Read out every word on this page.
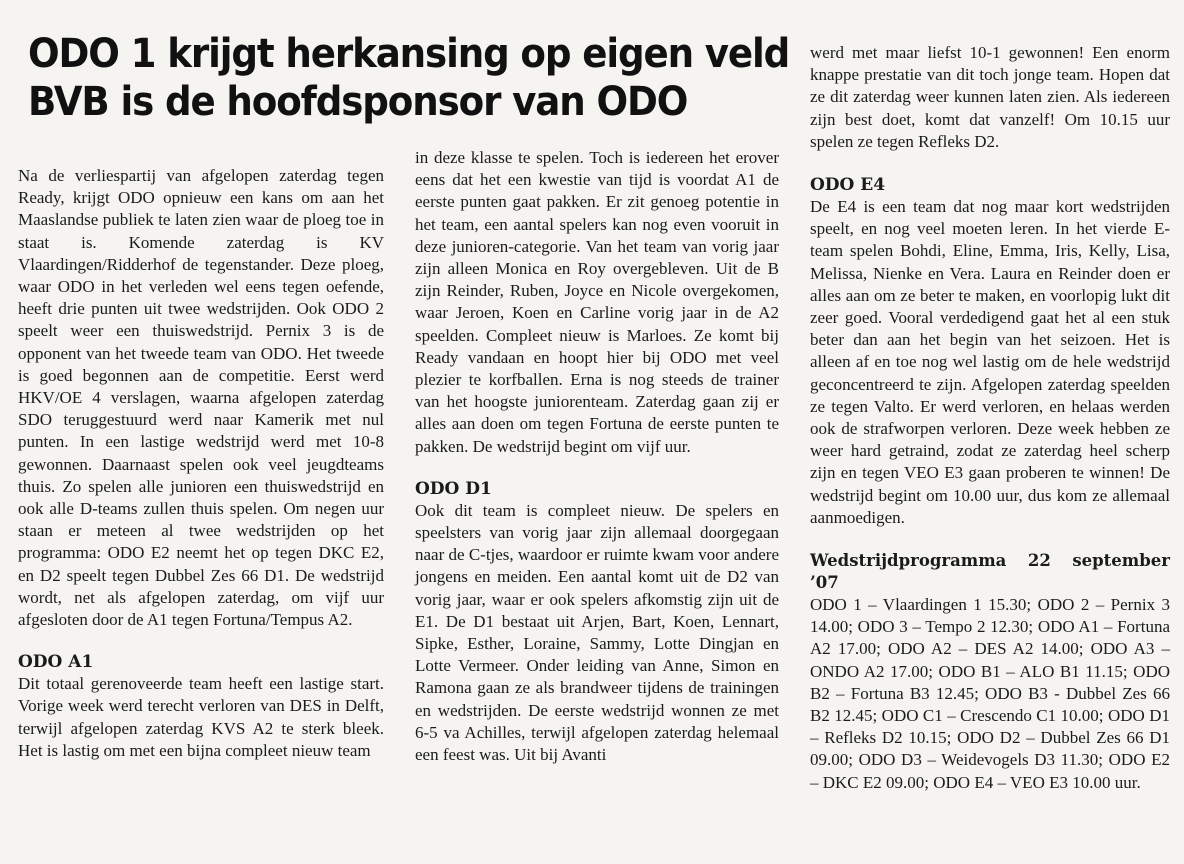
ODO 1 krijgt herkansing op eigen veld
BVB is de hoofdsponsor van ODO

Na de verliespartij van afgelopen zaterdag tegen Ready, krijgt ODO opnieuw een kans om aan het Maaslandse publiek te laten zien waar de ploeg toe in staat is. Komende zaterdag is KV Vlaardingen/Ridderhof de tegenstander. Deze ploeg, waar ODO in het verleden wel eens tegen oefende, heeft drie punten uit twee wedstrijden. Ook ODO 2 speelt weer een thuiswedstrijd. Pernix 3 is de opponent van het tweede team van ODO. Het tweede is goed begonnen aan de competitie. Eerst werd HKV/OE 4 verslagen, waarna afgelopen zaterdag SDO teruggestuurd werd naar Kamerik met nul punten. In een lastige wedstrijd werd met 10-8 gewonnen. Daarnaast spelen ook veel jeugdteams thuis. Zo spelen alle junioren een thuiswedstrijd en ook alle D-teams zullen thuis spelen. Om negen uur staan er meteen al twee wedstrijden op het programma: ODO E2 neemt het op tegen DKC E2, en D2 speelt tegen Dubbel Zes 66 D1. De wedstrijd wordt, net als afgelopen zaterdag, om vijf uur afgesloten door de A1 tegen Fortuna/Tempus A2.

ODO A1

Dit totaal gerenoveerde team heeft een lastige start. Vorige week werd terecht verloren van DES in Delft, terwijl afgelopen zaterdag KVS A2 te sterk bleek. Het is lastig om met een bijna compleet nieuw team

in deze klasse te spelen. Toch is iedereen het erover eens dat het een kwestie van tijd is voordat A1 de eerste punten gaat pakken. Er zit genoeg potentie in het team, een aantal spelers kan nog even vooruit in deze junioren-categorie. Van het team van vorig jaar zijn alleen Monica en Roy overgebleven. Uit de B zijn Reinder, Ruben, Joyce en Nicole overgekomen, waar Jeroen, Koen en Carline vorig jaar in de A2 speelden. Compleet nieuw is Marloes. Ze komt bij Ready vandaan en hoopt hier bij ODO met veel plezier te korfballen. Erna is nog steeds de trainer van het hoogste juniorenteam. Zaterdag gaan zij er alles aan doen om tegen Fortuna de eerste punten te pakken. De wedstrijd begint om vijf uur.

ODO D1

Ook dit team is compleet nieuw. De spelers en speelsters van vorig jaar zijn allemaal doorgegaan naar de C-tjes, waardoor er ruimte kwam voor andere jongens en meiden. Een aantal komt uit de D2 van vorig jaar, waar er ook spelers afkomstig zijn uit de E1. De D1 bestaat uit Arjen, Bart, Koen, Lennart, Sipke, Esther, Loraine, Sammy, Lotte Dingjan en Lotte Vermeer. Onder leiding van Anne, Simon en Ramona gaan ze als brandweer tijdens de trainingen en wedstrijden. De eerste wedstrijd wonnen ze met 6-5 va Achilles, terwijl afgelopen zaterdag helemaal een feest was. Uit bij Avanti

werd met maar liefst 10-1 gewonnen! Een enorm knappe prestatie van dit toch jonge team. Hopen dat ze dit zaterdag weer kunnen laten zien. Als iedereen zijn best doet, komt dat vanzelf! Om 10.15 uur spelen ze tegen Refleks D2.

ODO E4

De E4 is een team dat nog maar kort wedstrijden speelt, en nog veel moeten leren. In het vierde E-team spelen Bohdi, Eline, Emma, Iris, Kelly, Lisa, Melissa, Nienke en Vera. Laura en Reinder doen er alles aan om ze beter te maken, en voorlopig lukt dit zeer goed. Vooral verdedigend gaat het al een stuk beter dan aan het begin van het seizoen. Het is alleen af en toe nog wel lastig om de hele wedstrijd geconcentreerd te zijn. Afgelopen zaterdag speelden ze tegen Valto. Er werd verloren, en helaas werden ook de strafworpen verloren. Deze week hebben ze weer hard getraind, zodat ze zaterdag heel scherp zijn en tegen VEO E3 gaan proberen te winnen! De wedstrijd begint om 10.00 uur, dus kom ze allemaal aanmoedigen.

Wedstrijdprogramma 22 september ’07

ODO 1 – Vlaardingen 1 15.30; ODO 2 – Pernix 3 14.00; ODO 3 – Tempo 2 12.30; ODO A1 – Fortuna A2 17.00; ODO A2 – DES A2 14.00; ODO A3 – ONDO A2 17.00; ODO B1 – ALO B1 11.15; ODO B2 – Fortuna B3 12.45; ODO B3 - Dubbel Zes 66 B2 12.45; ODO C1 – Crescendo C1 10.00; ODO D1 – Refleks D2 10.15; ODO D2 – Dubbel Zes 66 D1 09.00; ODO D3 – Weidevogels D3 11.30; ODO E2 – DKC E2 09.00; ODO E4 – VEO E3 10.00 uur.
